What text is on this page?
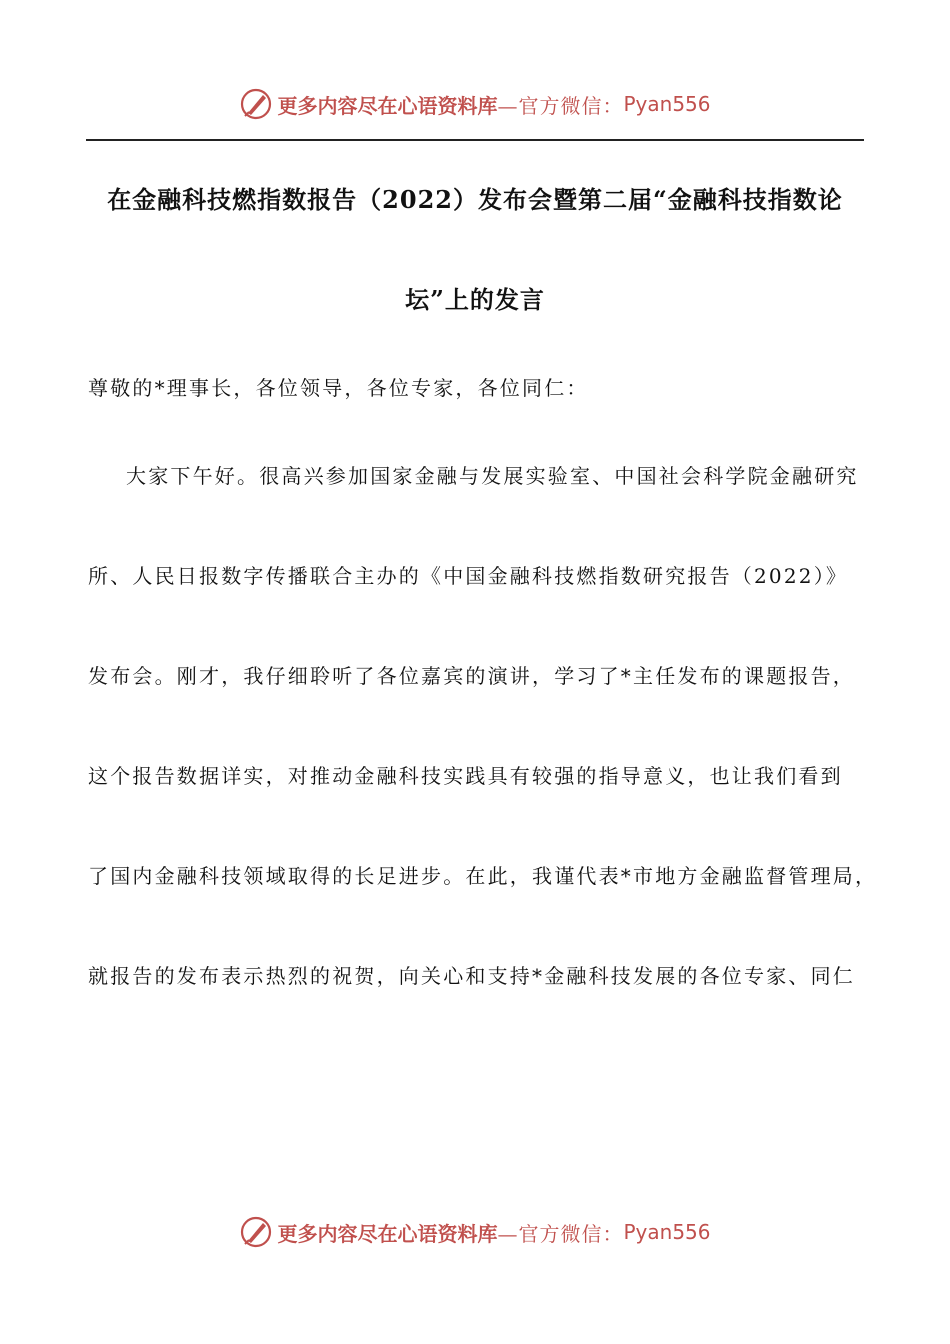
更多内容尽在心语资料库 —官方微信： Pyan556
在金融科技燃指数报告（2022）发布会暨第二届“金融科技指数论
坛”上的发言
尊敬的*理事长，各位领导，各位专家，各位同仁：
大家下午好。很高兴参加国家金融与发展实验室、中国社会科学院金融研究
所、人民日报数字传播联合主办的《中国金融科技燃指数研究报告（2022）》
发布会。刚才，我仔细聆听了各位嘉宾的演讲，学习了*主任发布的课题报告，
这个报告数据详实，对推动金融科技实践具有较强的指导意义，也让我们看到
了国内金融科技领域取得的长足进步。在此，我谨代表*市地方金融监督管理局，
就报告的发布表示热烈的祝贺，向关心和支持*金融科技发展的各位专家、同仁
更多内容尽在心语资料库 —官方微信： Pyan556
